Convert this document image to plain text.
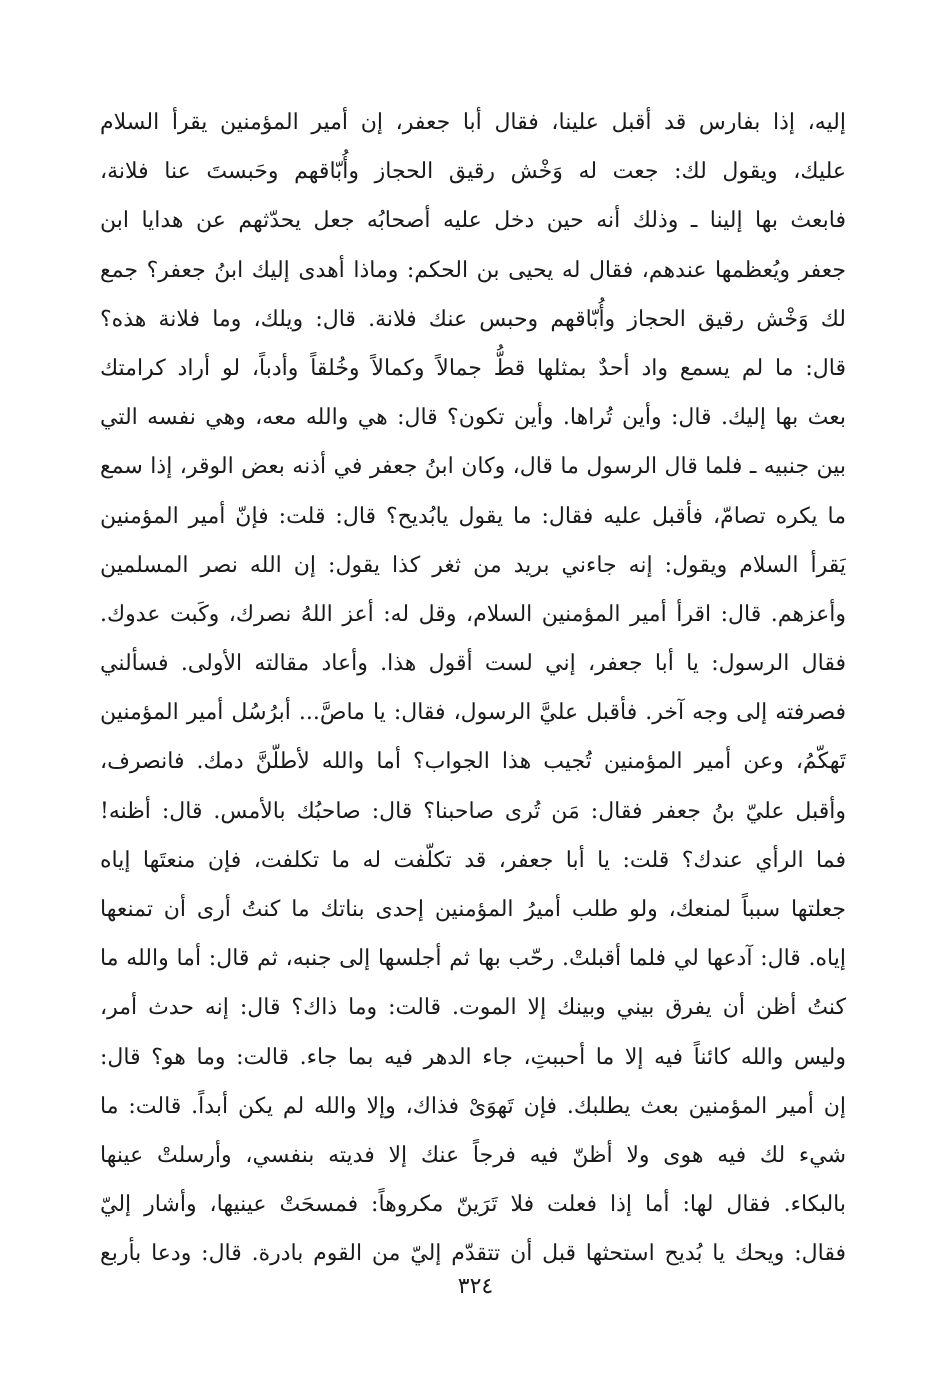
إليه، إذا بفارس قد أقبل علينا، فقال أبا جعفر، إن أمير المؤمنين يقرأ السلام
عليك، ويقول لك: جعت له وَخْش رقيق الحجاز وأُبّاقهم وحَبستَ عنا فلانة،
فابعث بها إلينا ـ وذلك أنه حين دخل عليه أصحابُه جعل يحدّثهم عن هدايا ابن
جعفر ويُعظمها عندهم، فقال له يحيى بن الحكم: وماذا أهدى إليك ابنُ جعفر؟ جمع
لك وَخْش رقيق الحجاز وأُبّاقهم وحبس عنك فلانة. قال: ويلك، وما فلانة هذه؟
قال: ما لم يسمع واد أحدٌ بمثلها قطُّ جمالاً وكمالاً وخُلقاً وأدباً، لو أراد كرامتك
بعث بها إليك. قال: وأين تُراها. وأين تكون؟ قال: هي والله معه، وهي نفسه التي
بين جنبيه ـ فلما قال الرسول ما قال، وكان ابنُ جعفر في أذنه بعض الوقر، إذا سمع
ما يكره تصامّ، فأقبل عليه فقال: ما يقول يابُديح؟ قال: قلت: فإنّ أمير المؤمنين
يَقرأ السلام ويقول: إنه جاءني بريد من ثغر كذا يقول: إن الله نصر المسلمين
وأعزهم. قال: اقرأ أمير المؤمنين السلام، وقل له: أعز اللهُ نصرك، وكَبت عدوك.
فقال الرسول: يا أبا جعفر، إني لست أقول هذا. وأعاد مقالته الأولى. فسألني
فصرفته إلى وجه آخر. فأقبل عليَّ الرسول، فقال: يا ماصَّ... أبرُسُل أمير المؤمنين
تَهكّمُ، وعن أمير المؤمنين تُجيب هذا الجواب؟ أما والله لأطلّنَّ دمك. فانصرف،
وأقبل عليّ بنُ جعفر فقال: مَن تُرى صاحبنا؟ قال: صاحبُك بالأمس. قال: أظنه!
فما الرأي عندك؟ قلت: يا أبا جعفر، قد تكلّفت له ما تكلفت، فإن منعتَها إياه
جعلتها سبباً لمنعك، ولو طلب أميرُ المؤمنين إحدى بناتك ما كنتُ أرى أن تمنعها
إياه. قال: آدعها لي فلما أقبلتْ. رحّب بها ثم أجلسها إلى جنبه، ثم قال: أما والله ما
كنتُ أظن أن يفرق بيني وبينك إلا الموت. قالت: وما ذاك؟ قال: إنه حدث أمر،
وليس والله كائناً فيه إلا ما أحببتِ، جاء الدهر فيه بما جاء. قالت: وما هو؟ قال:
إن أمير المؤمنين بعث يطلبك. فإن تَهوَىْ فذاك، وإلا والله لم يكن أبداً. قالت: ما
شيء لك فيه هوى ولا أظنّ فيه فرجاً عنك إلا فديته بنفسي، وأرسلتْ عينها
بالبكاء. فقال لها: أما إذا فعلت فلا تَرَينّ مكروهاً: فمسحَتْ عينيها، وأشار إليّ
فقال: ويحك يا بُديح استحثها قبل أن تتقدّم إليّ من القوم بادرة. قال: ودعا بأربع
٣٢٤
